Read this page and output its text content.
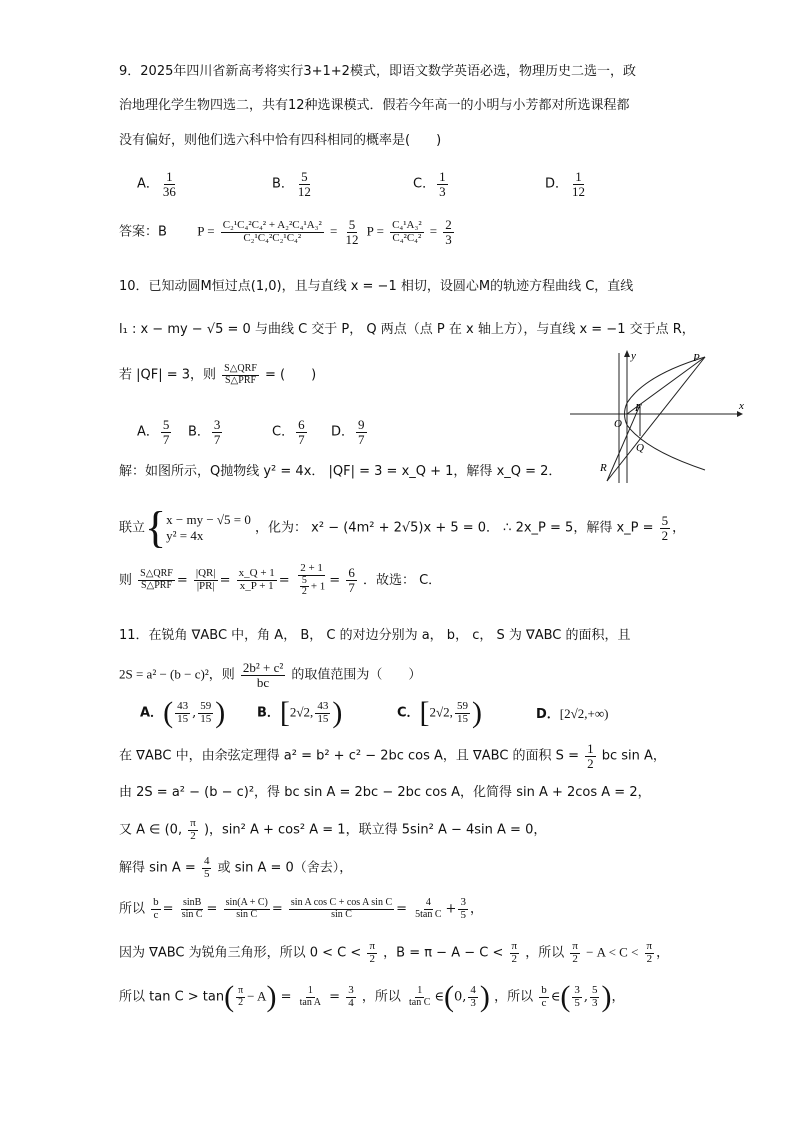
9．2025年四川省新高考将实行3+1+2模式，即语文数学英语必选，物理历史二选一，政
治地理化学生物四选二，共有12种选课模式．假若今年高一的小明与小芳都对所选课程都
没有偏好，则他们选六科中恰有四科相同的概率是(　　)
A． $\frac{1}{36}$	B． $\frac{5}{12}$	C． $\frac{1}{3}$	D． $\frac{1}{12}$
答案：B $P = \frac{\text{C₂¹C₄²C₄² + A₂²C₄¹A₃²}}{\text{C₂¹C₄²C₂¹C₄²}} = \frac{5}{12}$ $P = \frac{\text{C₄¹A₃²}}{\text{C₄²C₄²}} = \frac{2}{3}$
10．已知动圆M恒过点(1,0)，且与直线 x = −1 相切，设圆心M的轨迹方程曲线 C，直线
l₁ : x − my − √5 = 0 与曲线 C 交于 P， Q 两点（点 P 在 x 轴上方），与直线 x = −1 交于点 R，
若 |QF| = 3，则 $\frac{\text{S△QRF}}{\text{S△PRF}}$ = (　　)
A． $\frac{5}{7}$ B． $\frac{3}{7}$	C． $\frac{6}{7}$ D． $\frac{9}{7}$
y
x
P
F
O
Q
R
解：如图所示，Q抛物线 y² = 4x． |QF| = 3 = x_Q + 1，解得 x_Q = 2．
联立{ x − my − √5 = 0
y² = 4x	，化为： x² − (4m² + 2√5)x + 5 = 0． ∴ 2x_P = 5，解得 x_P = $\frac{5}{2}$ ，
则 $\frac{\text{S△QRF}}{\text{S△PRF}} = \frac{|QR|}{|PR|} = \frac{x\_Q + 1}{x\_P + 1} = \frac{2 + 1}{\frac{5}{2} + 1} = \frac{6}{7}$ ．故选： C．
11．在锐角 ∇ABC 中，角 A， B， C 的对边分别为 a， b， c， S 为 ∇ABC 的面积，且
2S = a² − (b − c)²，则 $\frac{\text{2b² + c²}}{bc}$ 的取值范围为（　　）
A．( $\frac{43}{15}$ , $\frac{59}{15}$ ) B．[2√2, $\frac{43}{15}$ )	C．[2√2, $\frac{59}{15}$ )	D．[2√2,+∞)
在 ∇ABC 中，由余弦定理得 a² = b² + c² − 2bc cos A，且 ∇ABC 的面积 $S = \frac{1}{2}$ bc sin A，
由 2S = a² − (b − c)²，得 bc sin A = 2bc − 2bc cos A，化简得 sin A + 2cos A = 2，
又 A ∈ (0, $\frac{\pi}{2}$ )，sin² A + cos² A = 1，联立得 5sin² A − 4sin A = 0，
解得 $\sin A = \frac{4}{5}$ 或 sin A = 0（舍去），
所以 $\frac{b}{c} = \frac{\sin B}{\text{sin C}} = \frac{\sin(A + C)}{\text{sin C}} = \frac{\text{sin A cos C + cos A sin C}}{\text{sin C}} = \frac{4}{\text{5tan C}} + \frac{3}{5}$ ，
因为 ∇ABC 为锐角三角形，所以 $0 < C < \frac{\pi}{2}$ ，$B = \pi - A - C < \frac{\pi}{2}$ ，所以 $\frac{\pi}{2} - A < C < \frac{\pi}{2}$ ，
所以 $\tan C > \tan( \frac{\pi}{2} - A) = \frac{1}{\text{tan A}} = \frac{3}{4}$ ，所以 $\frac{1}{\text{tan C}}$ ∈(0, $\frac{4}{3}$ ) ，所以 $\frac{b}{c}$ ∈( $\frac{3}{5}$ , $\frac{5}{3}$ )，
